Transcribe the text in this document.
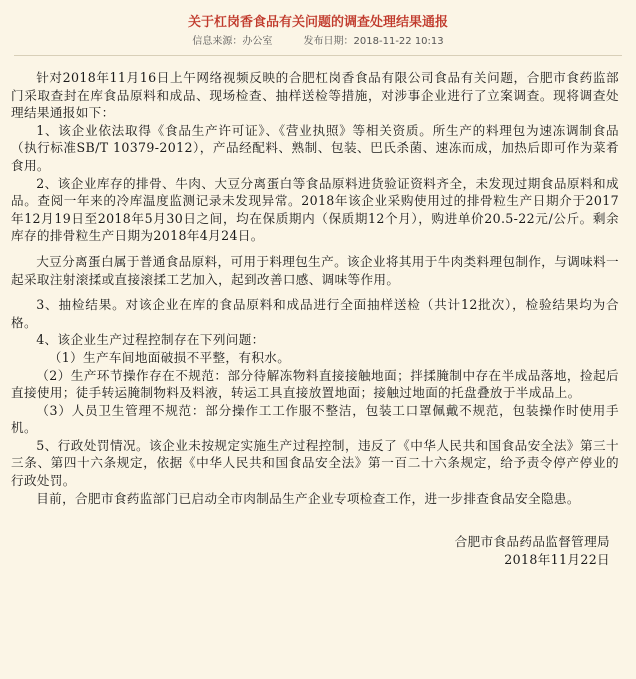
关于杠岗香食品有关问题的调查处理结果通报
信息来源：办公室	发布日期：2018-11-22 10:13

针对2018年11月16日上午网络视频反映的合肥杠岗香食品有限公司食品有关问题，合肥市食药监部门采取查封在库食品原料和成品、现场检查、抽样送检等措施，对涉事企业进行了立案调查。现将调查处理结果通报如下：

1、该企业依法取得《食品生产许可证》、《营业执照》等相关资质。所生产的料理包为速冻调制食品（执行标准SB/T 10379-2012），产品经配料、熟制、包装、巴氏杀菌、速冻而成，加热后即可作为菜肴食用。

2、该企业库存的排骨、牛肉、大豆分离蛋白等食品原料进货验证资料齐全，未发现过期食品原料和成品。查阅一年来的冷库温度监测记录未发现异常。2018年该企业采购使用过的排骨粒生产日期介于2017年12月19日至2018年5月30日之间，均在保质期内（保质期12个月），购进单价20.5-22元/公斤。剩余库存的排骨粒生产日期为2018年4月24日。

大豆分离蛋白属于普通食品原料，可用于料理包生产。该企业将其用于牛肉类料理包制作，与调味料一起采取注射滚揉或直接滚揉工艺加入，起到改善口感、调味等作用。

3、抽检结果。对该企业在库的食品原料和成品进行全面抽样送检（共计12批次），检验结果均为合格。

4、该企业生产过程控制存在下列问题：

（1）生产车间地面破损不平整，有积水。

（2）生产环节操作存在不规范：部分待解冻物料直接接触地面；拌揉腌制中存在半成品落地，捡起后直接使用；徒手转运腌制物料及料液，转运工具直接放置地面；接触过地面的托盘叠放于半成品上。

（3）人员卫生管理不规范：部分操作工工作服不整洁，包装工口罩佩戴不规范，包装操作时使用手机。

5、行政处罚情况。该企业未按规定实施生产过程控制，违反了《中华人民共和国食品安全法》第三十三条、第四十六条规定，依据《中华人民共和国食品安全法》第一百二十六条规定，给予责令停产停业的行政处罚。

目前，合肥市食药监部门已启动全市肉制品生产企业专项检查工作，进一步排查食品安全隐患。

合肥市食品药品监督管理局
2018年11月22日
